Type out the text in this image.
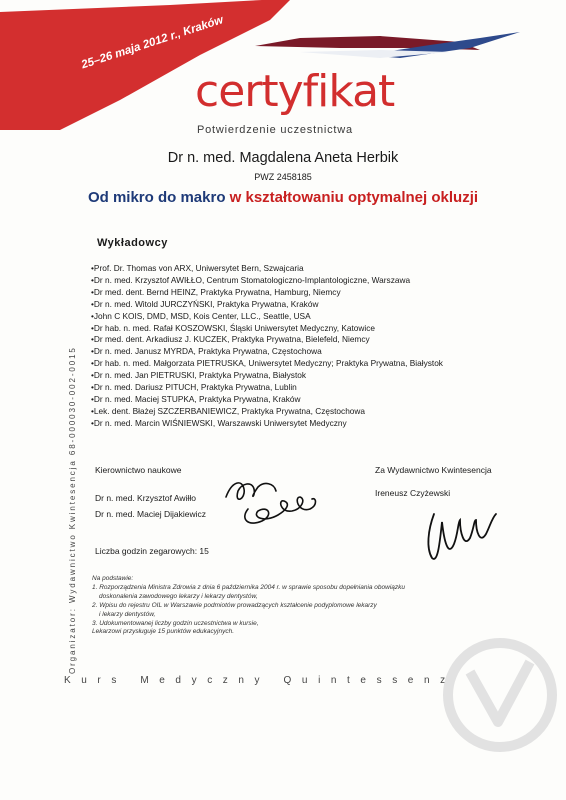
25–26 maja 2012 r., Kraków
certyfikat
Potwierdzenie uczestnictwa
Dr n. med. Magdalena Aneta Herbik
PWZ 2458185
Od mikro do makro w kształtowaniu optymalnej okluzji
Organizator: Wydawnictwo Kwintesencja 68-000030-002-0015
Wykładowcy
• Prof. Dr. Thomas von ARX, Uniwersytet Bern, Szwajcaria
• Dr n. med. Krzysztof AWIŁŁO, Centrum Stomatologiczno-Implantologiczne, Warszawa
• Dr med. dent. Bernd HEINZ, Praktyka Prywatna, Hamburg, Niemcy
• Dr n. med. Witold JURCZYŃSKI, Praktyka Prywatna, Kraków
• John C KOIS, DMD, MSD, Kois Center, LLC., Seattle, USA
• Dr hab. n. med. Rafał KOSZOWSKI, Śląski Uniwersytet Medyczny, Katowice
• Dr med. dent. Arkadiusz J. KUCZEK, Praktyka Prywatna, Bielefeld, Niemcy
• Dr n. med. Janusz MYRDA, Praktyka Prywatna, Częstochowa
• Dr hab. n. med. Małgorzata PIETRUSKA, Uniwersytet Medyczny; Praktyka Prywatna, Białystok
• Dr n. med. Jan PIETRUSKI, Praktyka Prywatna, Białystok
• Dr n. med. Dariusz PITUCH, Praktyka Prywatna, Lublin
• Dr n. med. Maciej STUPKA, Praktyka Prywatna, Kraków
• Lek. dent. Błażej SZCZERBANIEWICZ, Praktyka Prywatna, Częstochowa
• Dr n. med. Marcin WIŚNIEWSKI, Warszawski Uniwersytet Medyczny
Kierownictwo naukowe
Dr n. med. Krzysztof Awiłło
Dr n. med. Maciej Dijakiewicz
Za Wydawnictwo Kwintesencja
Ireneusz Czyżewski
Liczba godzin zegarowych: 15

Na podstawie:

1. Rozporządzenia Ministra Zdrowia z dnia 6 października 2004 r. w sprawie sposobu dopełniania obowiązku

doskonalenia zawodowego lekarzy i lekarzy dentystów,

2. Wpisu do rejestru OIL w Warszawie podmiotów prowadzących kształcenie podyplomowe lekarzy

i lekarzy dentystów,

3. Udokumentowanej liczby godzin uczestnictwa w kursie,

Lekarzowi przysługuje 15 punktów edukacyjnych.

Kurs Medyczny Quintessenz
